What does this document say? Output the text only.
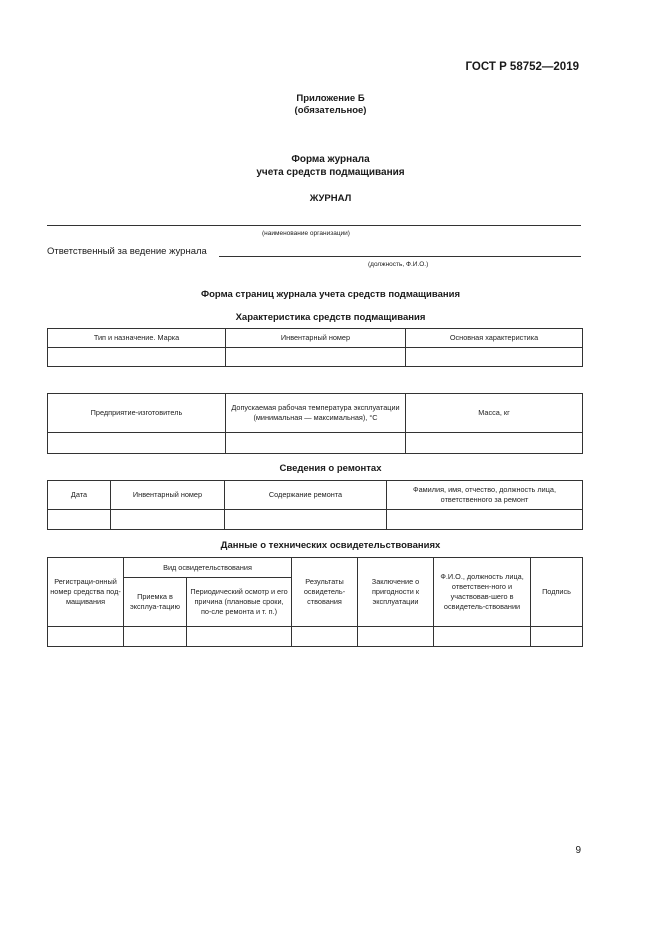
ГОСТ Р 58752—2019
Приложение Б
(обязательное)
Форма журнала
учета средств подмащивания
ЖУРНАЛ
(наименование организации)
Ответственный за ведение журнала
(должность, Ф.И.О.)
Форма страниц журнала учета средств подмащивания
Характеристика средств подмащивания
Тип и назначение. Марка	Инвентарный номер	Основная характеристика

Предприятие-изготовитель	Допускаемая рабочая температура эксплуатации (минимальная — максимальная), °С	Масса, кг

Сведения о ремонтах
Дата	Инвентарный номер	Содержание ремонта	Фамилия, имя, отчество, должность лица, ответственного за ремонт

Данные о технических освидетельствованиях
Регистраци-онный номер средства под-мащивания	Вид освидетельствования		Результаты освидетель-ствования	Заключение о пригодности к эксплуатации	Ф.И.О., должность лица, ответствен-ного и участвовав-шего в освидетель-ствовании	Подпись
	Приемка в эксплуа-тацию	Периодический осмотр и его причина (плановые сроки, по-сле ремонта и т. п.)				

9
